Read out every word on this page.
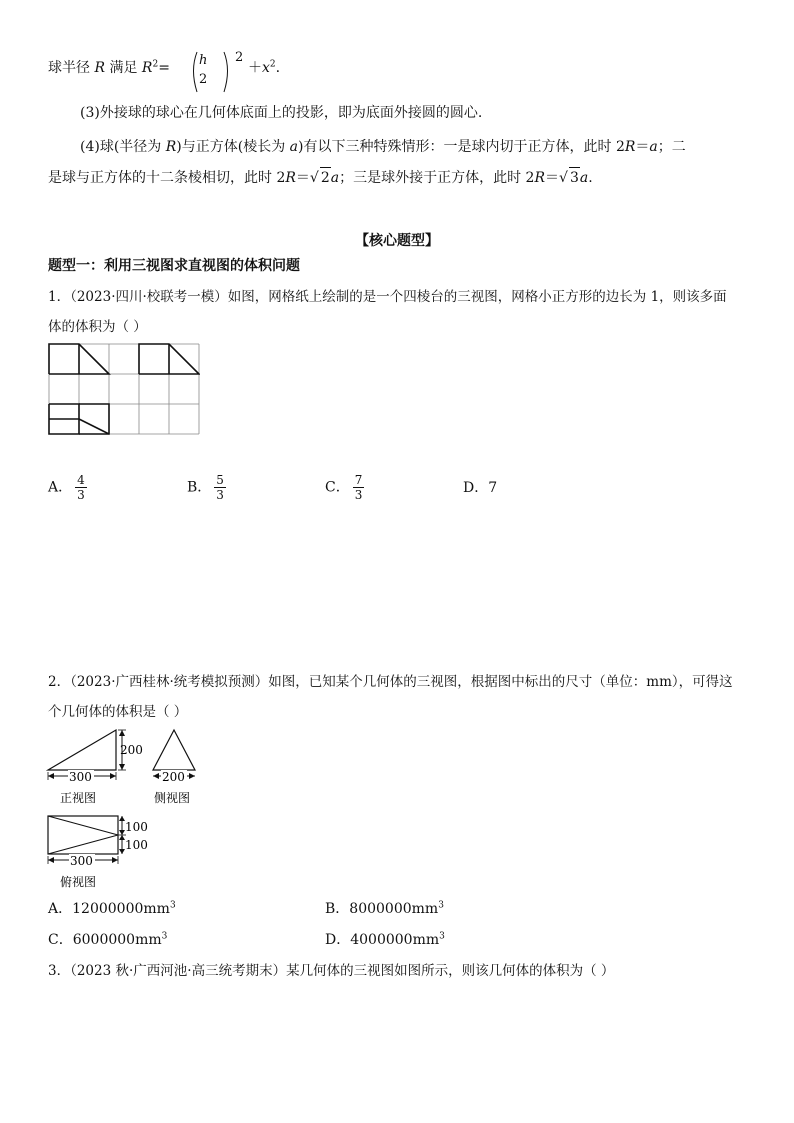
球半径 R 满足 $R^2= h$
2
2
$+x^2$.
(3)外接球的球心在几何体底面上的投影，即为底面外接圆的圆心.
(4)球(半径为 R)与正方体(棱长为 a)有以下三种特殊情形：一是球内切于正方体，此时 2R＝a；二
是球与正方体的十二条棱相切，此时 2R＝√ 2a；三是球外接于正方体，此时 2R＝√ 3a.
【核心题型】
题型一：利用三视图求直视图的体积问题
1．（2023·四川·校联考一模）如图，网格纸上绘制的是一个四棱台的三视图，网格小正方形的边长为 1，则该多面
体的体积为（ ）
A． $\frac{4}{3}$	B． $\frac{5}{3}$	C． $\frac{7}{3}$	D．7
2．（2023·广西桂林·统考模拟预测）如图，已知某个几何体的三视图，根据图中标出的尺寸（单位：mm），可得这
个几何体的体积是（ ）
200
300
正视图
200
侧视图
100
100
300
俯视图
A．$12000000mm^3$	B．$8000000mm^3$
C．$6000000mm^3$	D．$4000000mm^3$
3．（2023 秋·广西河池·高三统考期末）某几何体的三视图如图所示，则该几何体的体积为（ ）
